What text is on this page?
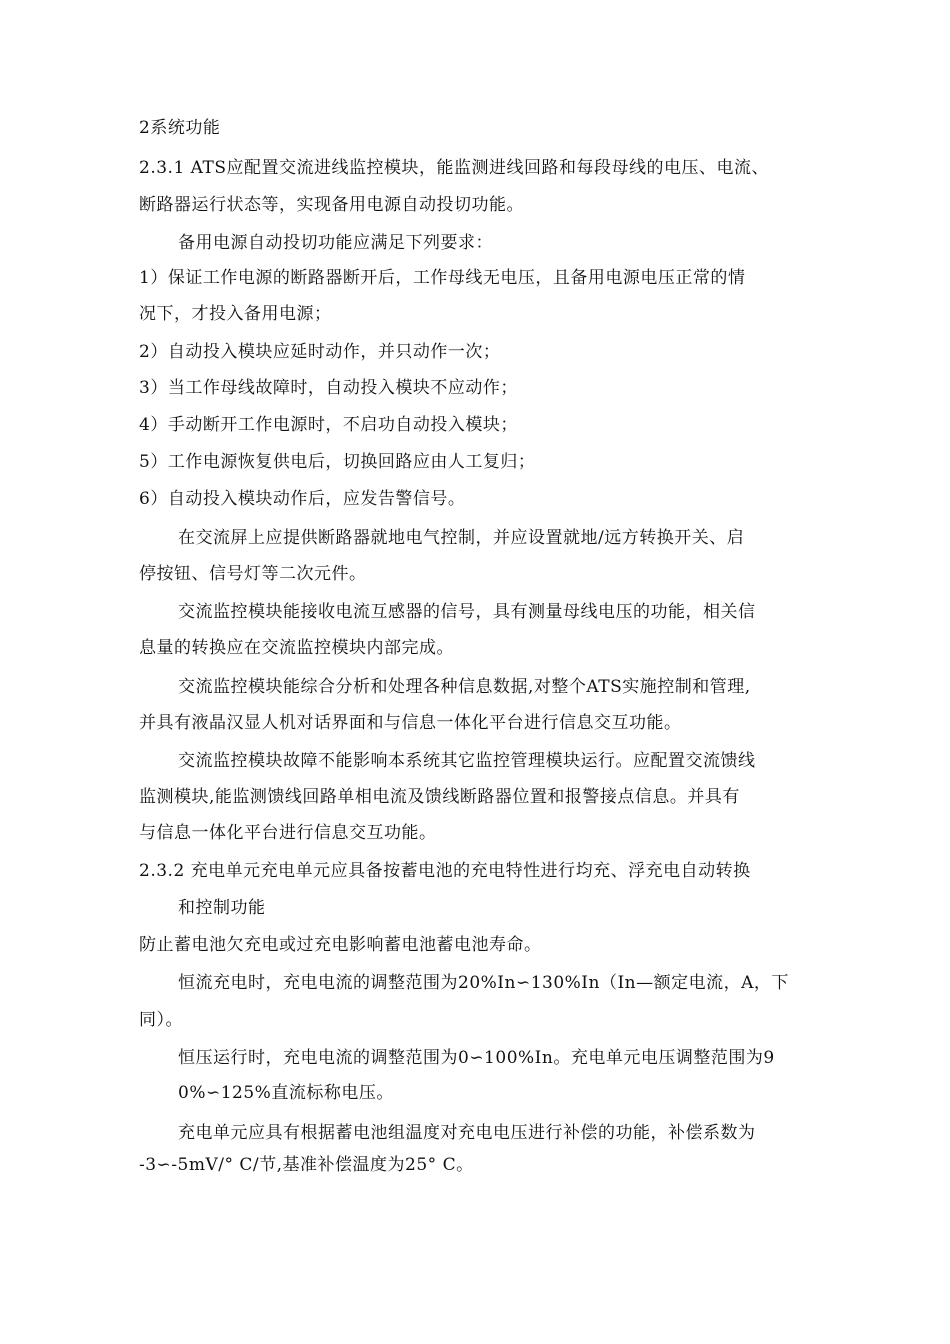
2系统功能
2.3.1 ATS应配置交流进线监控模块，能监测进线回路和每段母线的电压、电流、
断路器运行状态等，实现备用电源自动投切功能。
备用电源自动投切功能应满足下列要求：
1）保证工作电源的断路器断开后，工作母线无电压，且备用电源电压正常的情
况下，才投入备用电源；
2）自动投入模块应延时动作，并只动作一次；
3）当工作母线故障时，自动投入模块不应动作；
4）手动断开工作电源时，不启功自动投入模块；
5）工作电源恢复供电后，切换回路应由人工复归；
6）自动投入模块动作后，应发告警信号。
在交流屏上应提供断路器就地电气控制，并应设置就地/远方转换开关、启
停按钮、信号灯等二次元件。
交流监控模块能接收电流互感器的信号，具有测量母线电压的功能，相关信
息量的转换应在交流监控模块内部完成。
交流监控模块能综合分析和处理各种信息数据,对整个ATS实施控制和管理,
并具有液晶汉显人机对话界面和与信息一体化平台进行信息交互功能。
交流监控模块故障不能影响本系统其它监控管理模块运行。应配置交流馈线
监测模块,能监测馈线回路单相电流及馈线断路器位置和报警接点信息。并具有
与信息一体化平台进行信息交互功能。
2.3.2 充电单元充电单元应具备按蓄电池的充电特性进行均充、浮充电自动转换
和控制功能
防止蓄电池欠充电或过充电影响蓄电池蓄电池寿命。
恒流充电时，充电电流的调整范围为20%In∽130%In（In—额定电流，A，下
同）。
恒压运行时，充电电流的调整范围为0∽100%In。充电单元电压调整范围为9
0%∽125%直流标称电压。
充电单元应具有根据蓄电池组温度对充电电压进行补偿的功能，补偿系数为
-3∽-5mV/° C/节,基准补偿温度为25° C。
